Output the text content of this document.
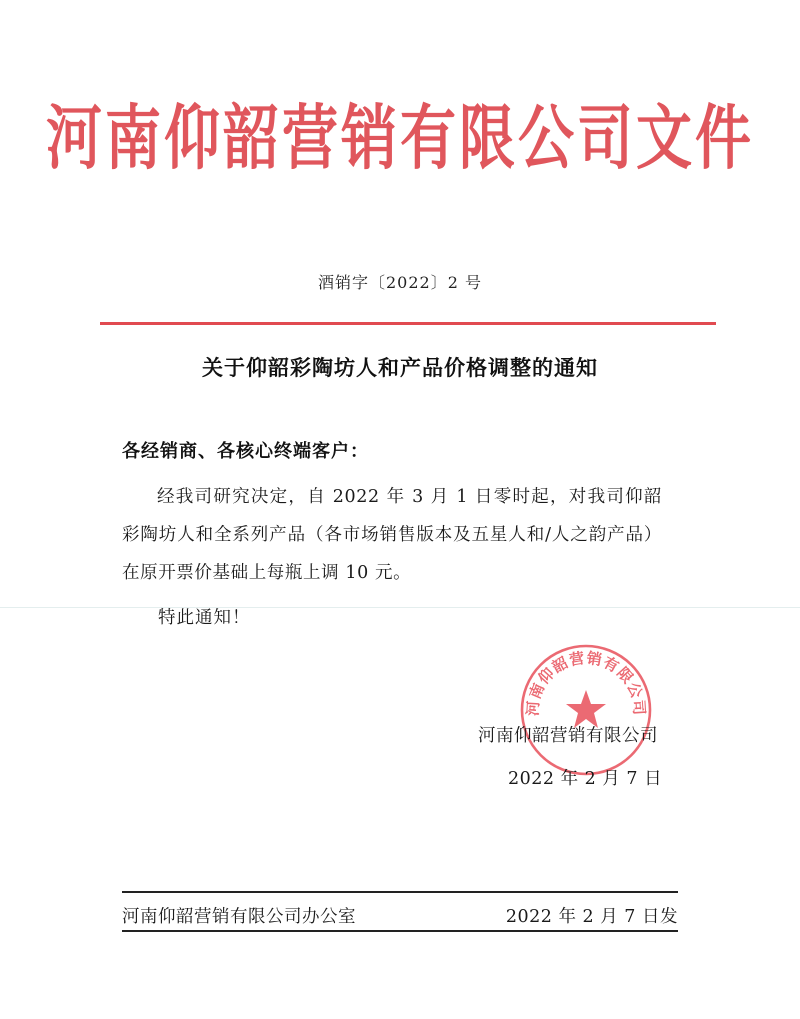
河南仰韶营销有限公司文件
酒销字〔2022〕2 号
关于仰韶彩陶坊人和产品价格调整的通知
各经销商、各核心终端客户：
经我司研究决定，自 2022 年 3 月 1 日零时起，对我司仰韶彩陶坊人和全系列产品（各市场销售版本及五星人和/人之韵产品）在原开票价基础上每瓶上调 10 元。
特此通知！
河南仰韶营销有限公司
河南仰韶营销有限公司
2022 年 2 月 7 日
河南仰韶营销有限公司办公室	2022 年 2 月 7 日发
